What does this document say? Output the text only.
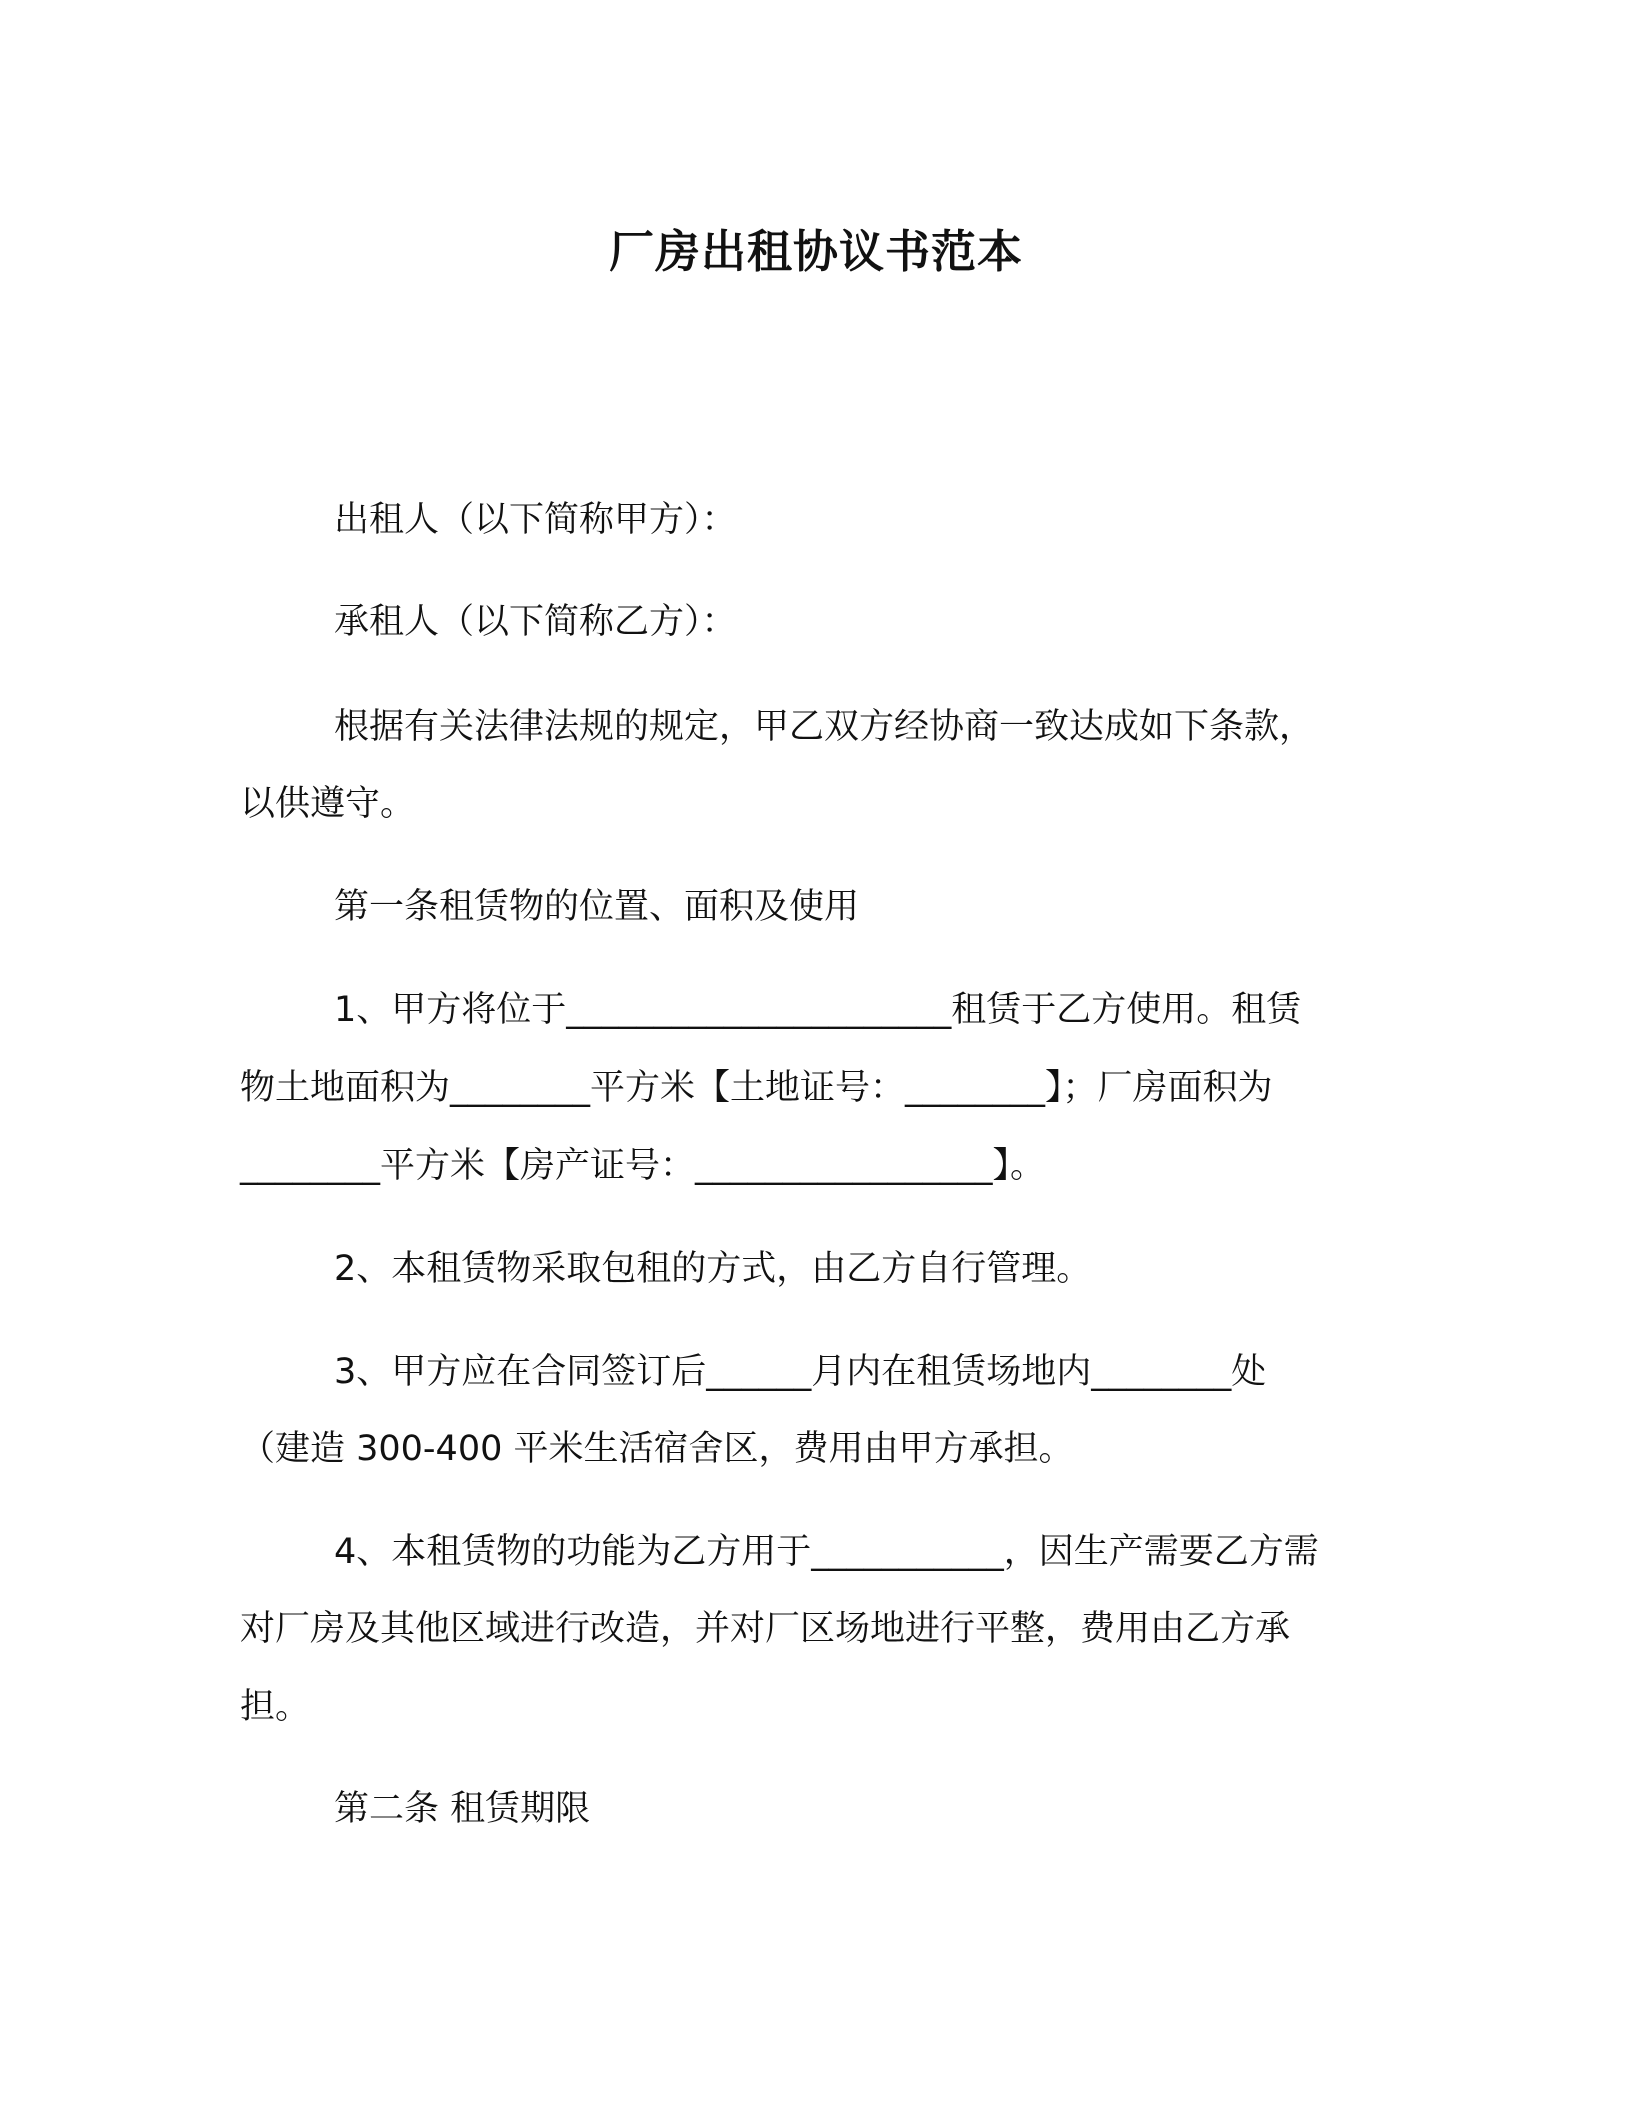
厂房出租协议书范本
出租人（以下简称甲方）：
承租人（以下简称乙方）：
根据有关法律法规的规定，甲乙双方经协商一致达成如下条款，
以供遵守。
第一条租赁物的位置、面积及使用
1、甲方将位于______________________租赁于乙方使用。租赁
物土地面积为________平方米【土地证号：________】；厂房面积为
________平方米【房产证号：_________________】。
2、本租赁物采取包租的方式，由乙方自行管理。
3、甲方应在合同签订后______月内在租赁场地内________处
（建造 300-400 平米生活宿舍区，费用由甲方承担。
4、本租赁物的功能为乙方用于___________，因生产需要乙方需
对厂房及其他区域进行改造，并对厂区场地进行平整，费用由乙方承
担。
第二条 租赁期限
